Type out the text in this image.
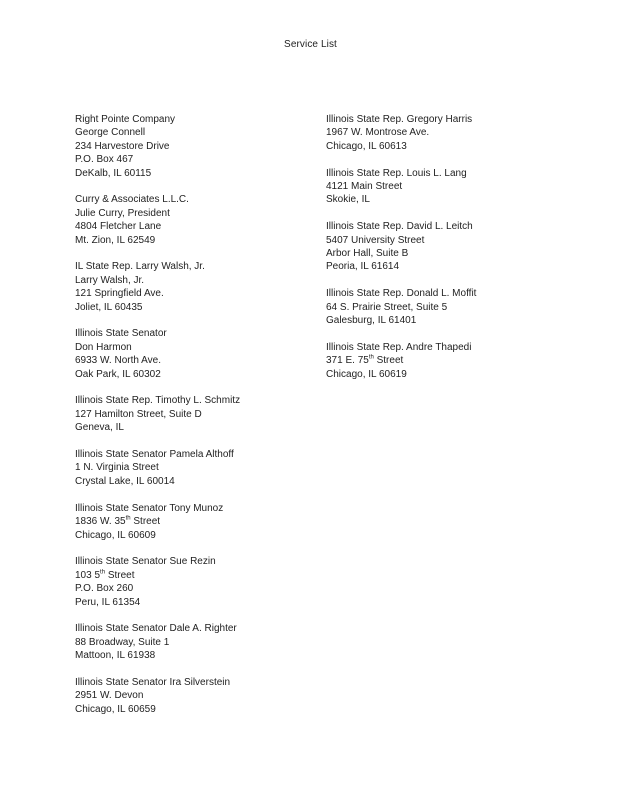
Service List
Right Pointe Company
George Connell
234 Harvestore Drive
P.O. Box 467
DeKalb, IL 60115
Curry & Associates L.L.C.
Julie Curry, President
4804 Fletcher Lane
Mt. Zion, IL 62549
IL State Rep. Larry Walsh, Jr.
Larry Walsh, Jr.
121 Springfield Ave.
Joliet, IL 60435
Illinois State Senator
Don Harmon
6933 W. North Ave.
Oak Park, IL 60302
Illinois State Rep. Timothy L. Schmitz
127 Hamilton Street, Suite D
Geneva, IL
Illinois State Senator Pamela Althoff
1 N. Virginia Street
Crystal Lake, IL 60014
Illinois State Senator Tony Munoz
1836 W. 35th Street
Chicago, IL 60609
Illinois State Senator Sue Rezin
103 5th Street
P.O. Box 260
Peru, IL 61354
Illinois State Senator Dale A. Righter
88 Broadway, Suite 1
Mattoon, IL 61938
Illinois State Senator Ira Silverstein
2951 W. Devon
Chicago, IL 60659
Illinois State Rep. Gregory Harris
1967 W. Montrose Ave.
Chicago, IL 60613
Illinois State Rep. Louis L. Lang
4121 Main Street
Skokie, IL
Illinois State Rep. David L. Leitch
5407 University Street
Arbor Hall, Suite B
Peoria, IL 61614
Illinois State Rep. Donald L. Moffit
64 S. Prairie Street, Suite 5
Galesburg, IL 61401
Illinois State Rep. Andre Thapedi
371 E. 75th Street
Chicago, IL 60619
